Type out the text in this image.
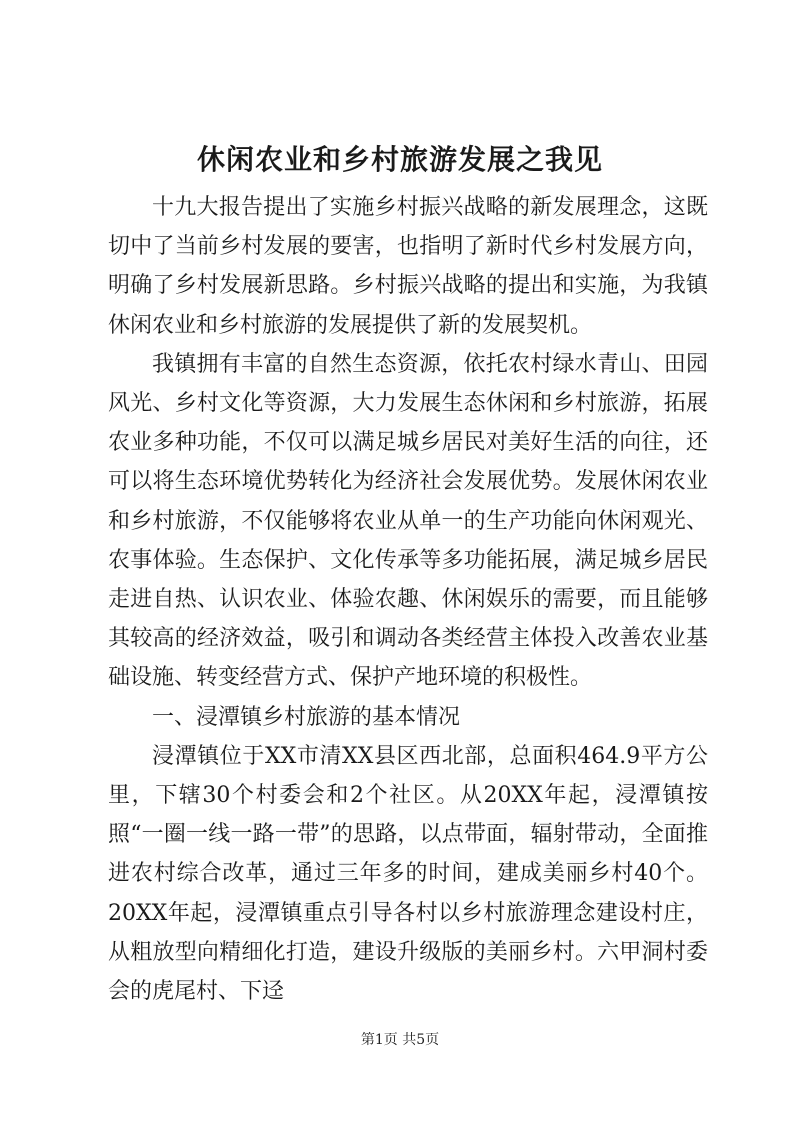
休闲农业和乡村旅游发展之我见

十九大报告提出了实施乡村振兴战略的新发展理念，这既切中了当前乡村发展的要害，也指明了新时代乡村发展方向，明确了乡村发展新思路。乡村振兴战略的提出和实施，为我镇休闲农业和乡村旅游的发展提供了新的发展契机。

我镇拥有丰富的自然生态资源，依托农村绿水青山、田园风光、乡村文化等资源，大力发展生态休闲和乡村旅游，拓展农业多种功能，不仅可以满足城乡居民对美好生活的向往，还可以将生态环境优势转化为经济社会发展优势。发展休闲农业和乡村旅游，不仅能够将农业从单一的生产功能向休闲观光、农事体验。生态保护、文化传承等多功能拓展，满足城乡居民走进自热、认识农业、体验农趣、休闲娱乐的需要，而且能够其较高的经济效益，吸引和调动各类经营主体投入改善农业基础设施、转变经营方式、保护产地环境的积极性。

一、浸潭镇乡村旅游的基本情况

浸潭镇位于XX市清XX县区西北部，总面积464.9平方公里，下辖30个村委会和2个社区。从20XX年起，浸潭镇按照“一圈一线一路一带”的思路，以点带面，辐射带动，全面推进农村综合改革，通过三年多的时间，建成美丽乡村40个。20XX年起，浸潭镇重点引导各村以乡村旅游理念建设村庄，从粗放型向精细化打造，建设升级版的美丽乡村。六甲洞村委会的虎尾村、下迳

第1页 共5页
